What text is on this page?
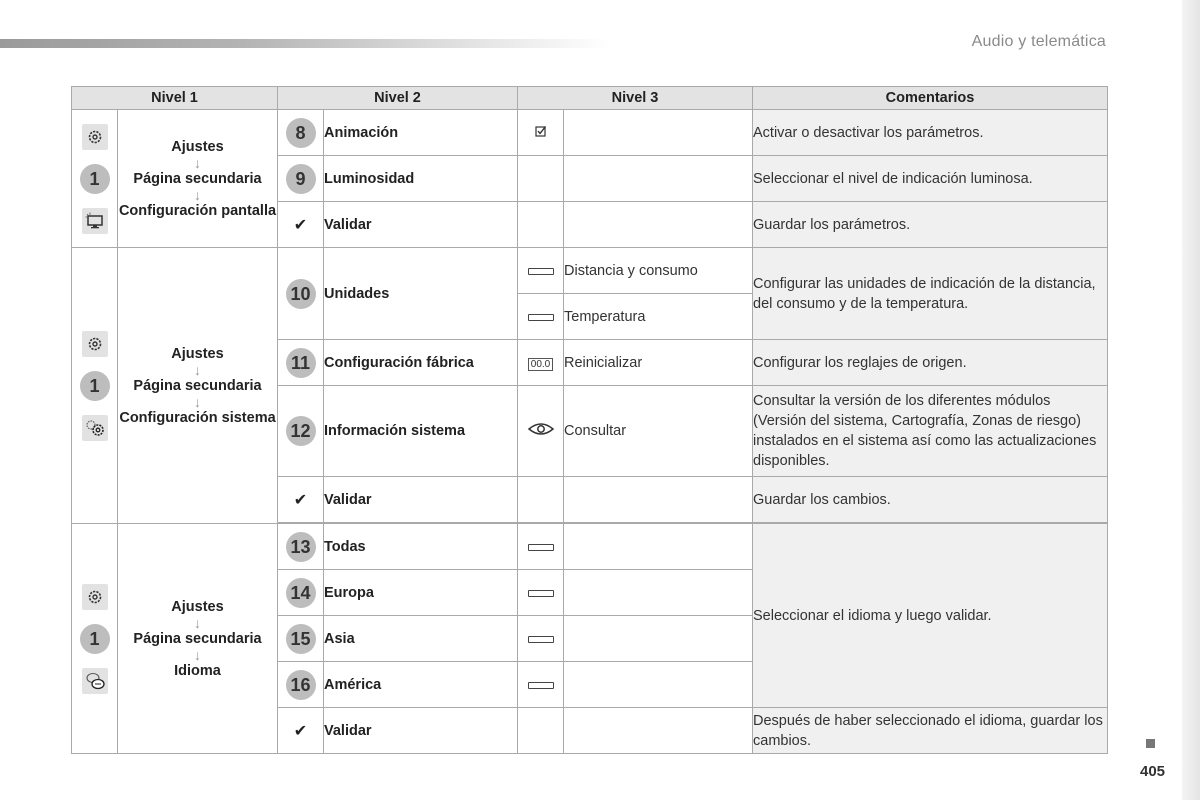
Audio y telemática
Nivel 1		Nivel 2		Nivel 3		Comentarios

1	Ajustes
↓
Página secundaria
↓
Configuración pantalla	8	Animación			Activar o desactivar los parámetros.
		9	Luminosidad			Seleccionar el nivel de indicación luminosa.
		✔	Validar			Guardar los parámetros.

1	Ajustes
↓
Página secundaria
↓
Configuración sistema	10	Unidades		Distancia y consumo	Configurar las unidades de indicación de la distancia, del consumo y de la temperatura.
					Temperatura	
		11	Configuración fábrica	00.0	Reinicializar	Configurar los reglajes de origen.
		12	Información sistema		Consultar	Consultar la versión de los diferentes módulos (Versión del sistema, Cartografía, Zonas de riesgo) instalados en el sistema así como las actualizaciones disponibles.
		✔	Validar			Guardar los cambios.

1	Ajustes
↓
Página secundaria
↓
Idioma	13	Todas			Seleccionar el idioma y luego validar.
		14	Europa			
		15	Asia			
		16	América			
		✔	Validar			Después de haber seleccionado el idioma, guardar los cambios.
405
